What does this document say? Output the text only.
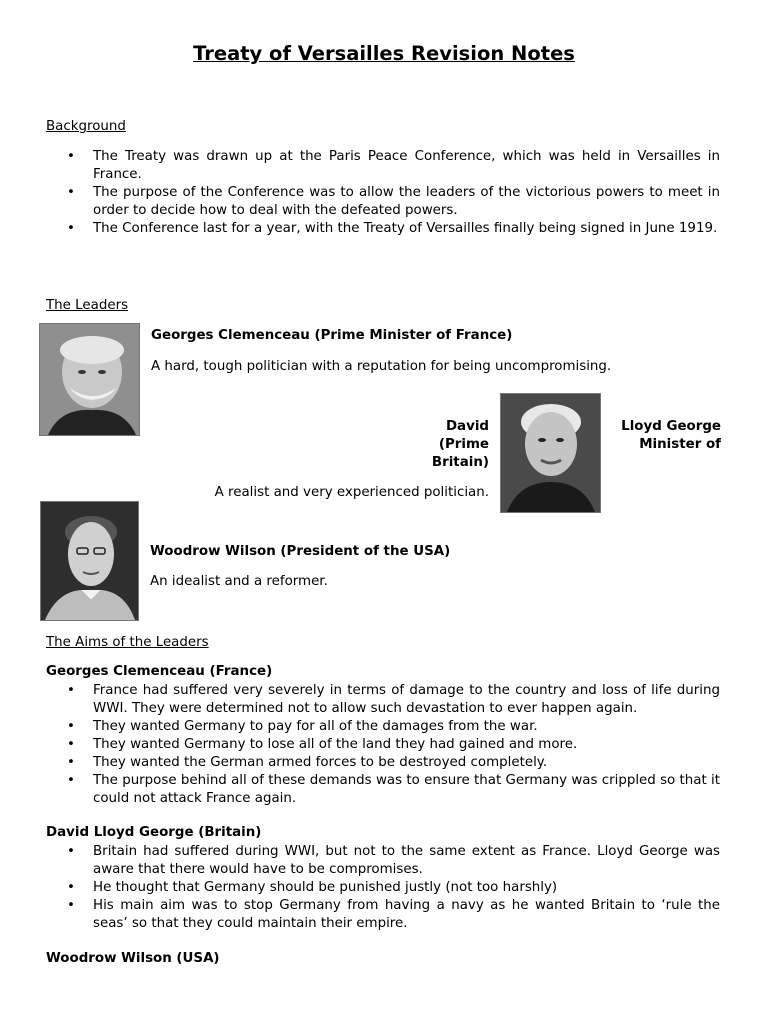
Treaty of Versailles Revision Notes
Background
• The Treaty was drawn up at the Paris Peace Conference, which was held in Versailles in France.
• The purpose of the Conference was to allow the leaders of the victorious powers to meet in order to decide how to deal with the defeated powers.
• The Conference last for a year, with the Treaty of Versailles finally being signed in June 1919.
The Leaders
Georges Clemenceau (Prime Minister of France)
A hard, tough politician with a reputation for being uncompromising.
David
(Prime
Britain)
Lloyd George
Minister of
A realist and very experienced politician.
Woodrow Wilson (President of the USA)
An idealist and a reformer.
The Aims of the Leaders
Georges Clemenceau (France)
• France had suffered very severely in terms of damage to the country and loss of life during WWI. They were determined not to allow such devastation to ever happen again.
• They wanted Germany to pay for all of the damages from the war.
• They wanted Germany to lose all of the land they had gained and more.
• They wanted the German armed forces to be destroyed completely.
• The purpose behind all of these demands was to ensure that Germany was crippled so that it could not attack France again.
David Lloyd George (Britain)
• Britain had suffered during WWI, but not to the same extent as France. Lloyd George was aware that there would have to be compromises.
• He thought that Germany should be punished justly (not too harshly)
• His main aim was to stop Germany from having a navy as he wanted Britain to ‘rule the seas’ so that they could maintain their empire.
Woodrow Wilson (USA)
